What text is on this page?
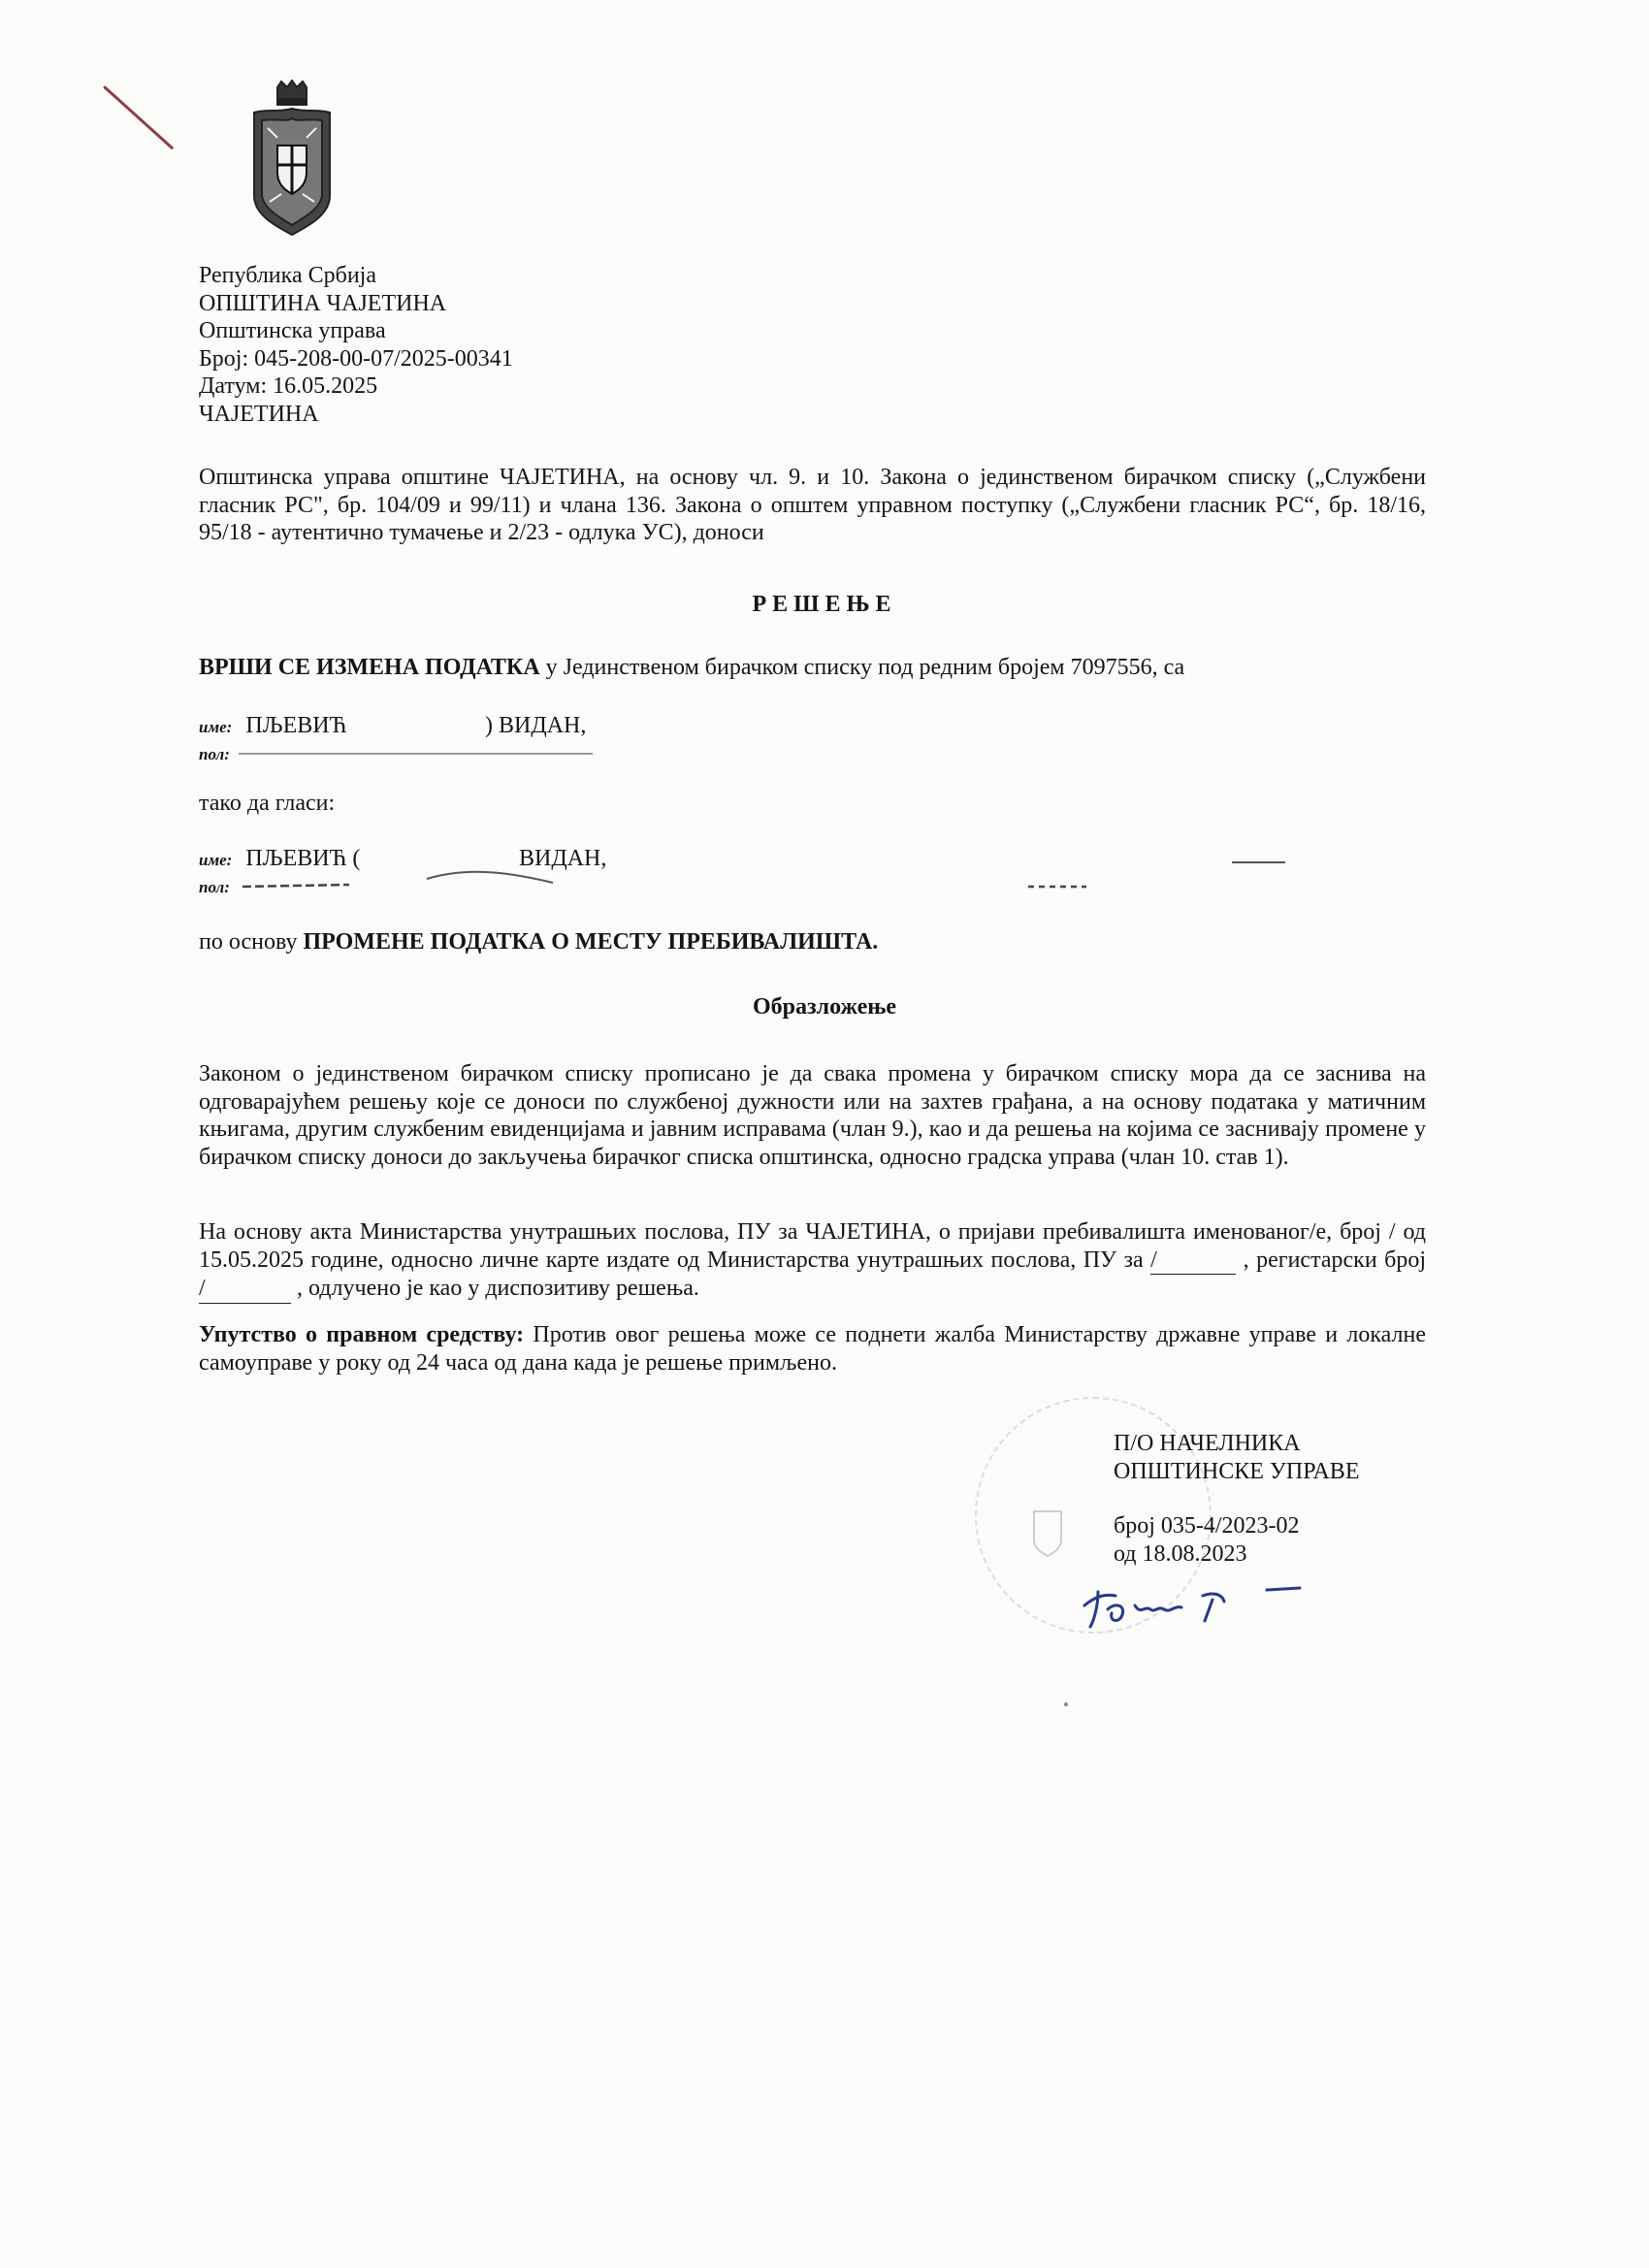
Република Србија
ОПШТИНА ЧАЈЕТИНА
Општинска управа
Број: 045-208-00-07/2025-00341
Датум: 16.05.2025
ЧАЈЕТИНА
Општинска управа општине ЧАЈЕТИНА, на основу чл. 9. и 10. Закона о јединственом бирачком списку („Службени гласник РС", бр. 104/09 и 99/11) и члана 136. Закона о општем управном поступку („Службени гласник РС“, бр. 18/16, 95/18 - аутентично тумачење и 2/23 - одлука УС), доноси
РЕШЕЊЕ
ВРШИ СЕ ИЗМЕНА ПОДАТКА у Јединственом бирачком списку под редним бројем 7097556, са
име: ПЉЕВИЋ	) ВИДАН,
пол:
тако да гласи:
име: ПЉЕВИЋ (	ВИДАН,
пол:
по основу ПРОМЕНЕ ПОДАТКА О МЕСТУ ПРЕБИВАЛИШТА.
Образложење
Законом о јединственом бирачком списку прописано је да свака промена у бирачком списку мора да се заснива на одговарајућем решењу које се доноси по службеној дужности или на захтев грађана, а на основу података у матичним књигама, другим службеним евиденцијама и јавним исправама (члан 9.), као и да решења на којима се заснивају промене у бирачком списку доноси до закључења бирачког списка општинска, односно градска управа (члан 10. став 1).
На основу акта Министарства унутрашњих послова, ПУ за ЧАЈЕТИНА, о пријави пребивалишта именованог/е, број / од 15.05.2025 године, односно личне карте издате од Министарства унутрашњих послова, ПУ за /	, регистарски број /	, одлучено је као у диспозитиву решења.
Упутство о правном средству: Против овог решења може се поднети жалба Министарству државне управе и локалне самоуправе у року од 24 часа од дана када је решење примљено.
П/О НАЧЕЛНИКА
ОПШТИНСКЕ УПРАВЕ
број 035-4/2023-02
од 18.08.2023
